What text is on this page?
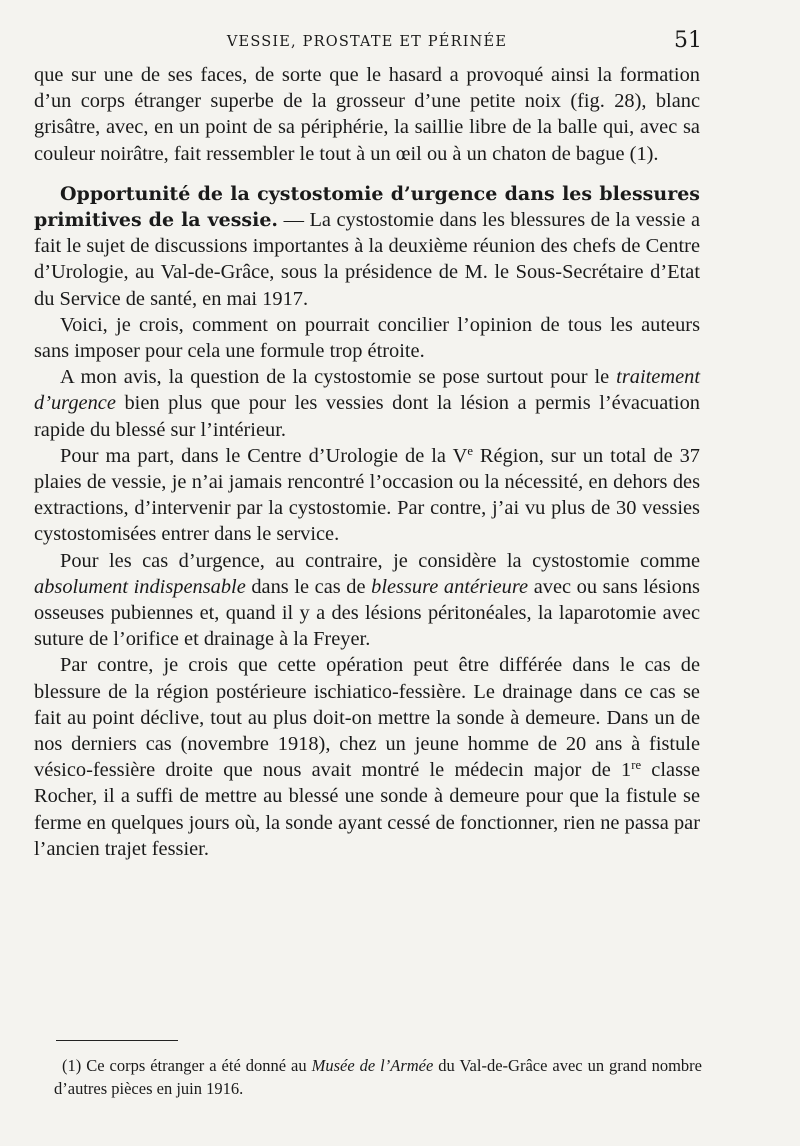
VESSIE, PROSTATE ET PÉRINÉE	51

que sur une de ses faces, de sorte que le hasard a provoqué ainsi la formation d’un corps étranger superbe de la grosseur d’une petite noix (fig. 28), blanc grisâtre, avec, en un point de sa périphérie, la saillie libre de la balle qui, avec sa couleur noirâtre, fait ressembler le tout à un œil ou à un chaton de bague (1).

Opportunité de la cystostomie d’urgence dans les blessures primitives de la vessie. — La cystostomie dans les blessures de la vessie a fait le sujet de discussions importantes à la deuxième réunion des chefs de Centre d’Urologie, au Val-de-Grâce, sous la présidence de M. le Sous-Secrétaire d’Etat du Service de santé, en mai 1917.

Voici, je crois, comment on pourrait concilier l’opinion de tous les auteurs sans imposer pour cela une formule trop étroite.

A mon avis, la question de la cystostomie se pose surtout pour le traitement d’urgence bien plus que pour les vessies dont la lésion a permis l’évacuation rapide du blessé sur l’intérieur.

Pour ma part, dans le Centre d’Urologie de la Ve Région, sur un total de 37 plaies de vessie, je n’ai jamais rencontré l’occasion ou la nécessité, en dehors des extractions, d’intervenir par la cystostomie. Par contre, j’ai vu plus de 30 vessies cystostomisées entrer dans le service.

Pour les cas d’urgence, au contraire, je considère la cystostomie comme absolument indispensable dans le cas de blessure antérieure avec ou sans lésions osseuses pubiennes et, quand il y a des lésions péritonéales, la laparotomie avec suture de l’orifice et drainage à la Freyer.

Par contre, je crois que cette opération peut être différée dans le cas de blessure de la région postérieure ischiatico-fessière. Le drainage dans ce cas se fait au point déclive, tout au plus doit-on mettre la sonde à demeure. Dans un de nos derniers cas (novembre 1918), chez un jeune homme de 20 ans à fistule vésico-fessière droite que nous avait montré le médecin major de 1re classe Rocher, il a suffi de mettre au blessé une sonde à demeure pour que la fistule se ferme en quelques jours où, la sonde ayant cessé de fonctionner, rien ne passa par l’ancien trajet fessier.

(1) Ce corps étranger a été donné au Musée de l’Armée du Val-de-Grâce avec un grand nombre d’autres pièces en juin 1916.
